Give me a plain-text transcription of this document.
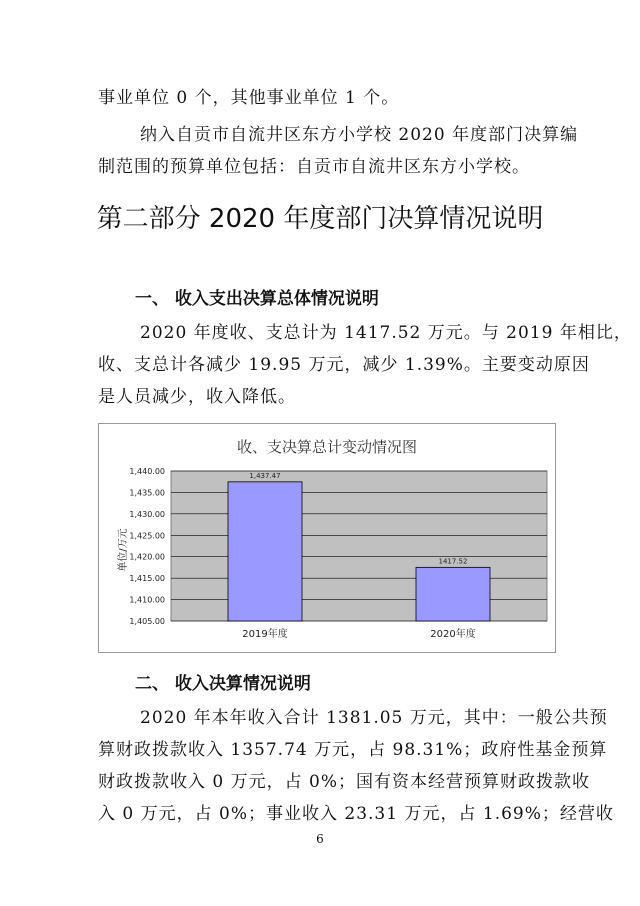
事业单位 0 个，其他事业单位 1 个。
纳入自贡市自流井区东方小学校 2020 年度部门决算编
制范围的预算单位包括：自贡市自流井区东方小学校。
第二部分 2020 年度部门决算情况说明
一、 收入支出决算总体情况说明
2020 年度收、支总计为 1417.52 万元。与 2019 年相比，
收、支总计各减少 19.95 万元，减少 1.39%。主要变动原因
是人员减少，收入降低。
收、支决算总计变动情况图
单位/万元
1,405.00
1,410.00
1,415.00
1,420.00
1,425.00
1,430.00
1,435.00
1,440.00	1,437.47
2019年度
1417.52
2020年度
二、 收入决算情况说明
2020 年本年收入合计 1381.05 万元，其中：一般公共预
算财政拨款收入 1357.74 万元，占 98.31%；政府性基金预算
财政拨款收入 0 万元，占 0%；国有资本经营预算财政拨款收
入 0 万元，占 0%；事业收入 23.31 万元，占 1.69%；经营收
6
